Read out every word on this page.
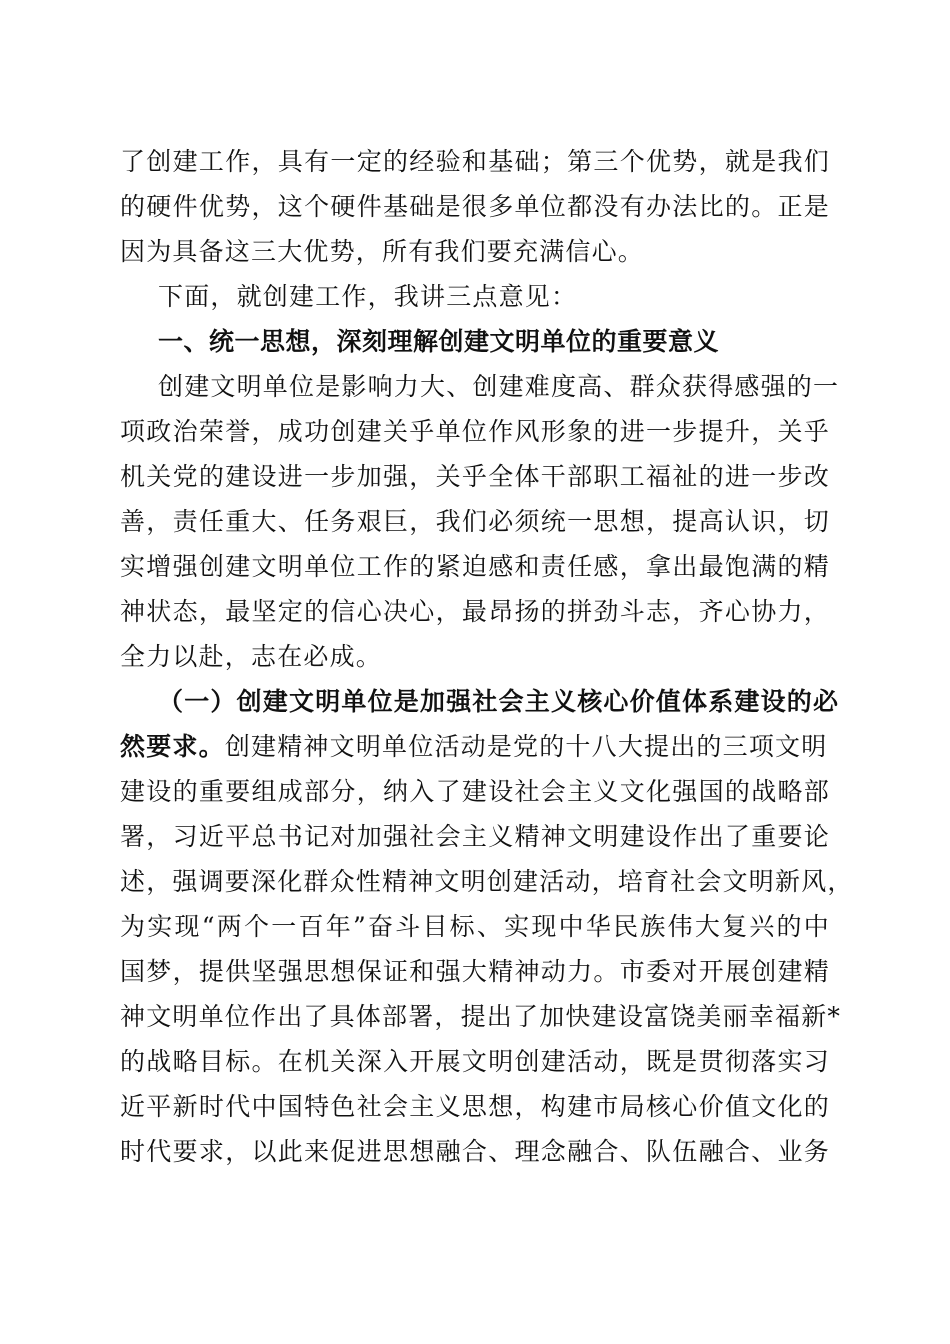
了创建工作，具有一定的经验和基础；第三个优势，就是我们
的硬件优势，这个硬件基础是很多单位都没有办法比的。正是
因为具备这三大优势，所有我们要充满信心。
下面，就创建工作，我讲三点意见：
一、统一思想，深刻理解创建文明单位的重要意义
创建文明单位是影响力大、创建难度高、群众获得感强的一
项政治荣誉，成功创建关乎单位作风形象的进一步提升，关乎
机关党的建设进一步加强，关乎全体干部职工福祉的进一步改
善，责任重大、任务艰巨，我们必须统一思想，提高认识，切
实增强创建文明单位工作的紧迫感和责任感，拿出最饱满的精
神状态，最坚定的信心决心，最昂扬的拼劲斗志，齐心协力，
全力以赴，志在必成。
（一）创建文明单位是加强社会主义核心价值体系建设的必
然要求。创建精神文明单位活动是党的十八大提出的三项文明
建设的重要组成部分，纳入了建设社会主义文化强国的战略部
署，习近平总书记对加强社会主义精神文明建设作出了重要论
述，强调要深化群众性精神文明创建活动，培育社会文明新风，
为实现“两个一百年”奋斗目标、实现中华民族伟大复兴的中
国梦，提供坚强思想保证和强大精神动力。市委对开展创建精
神文明单位作出了具体部署，提出了加快建设富饶美丽幸福新*
的战略目标。在机关深入开展文明创建活动，既是贯彻落实习
近平新时代中国特色社会主义思想，构建市局核心价值文化的
时代要求，以此来促进思想融合、理念融合、队伍融合、业务
